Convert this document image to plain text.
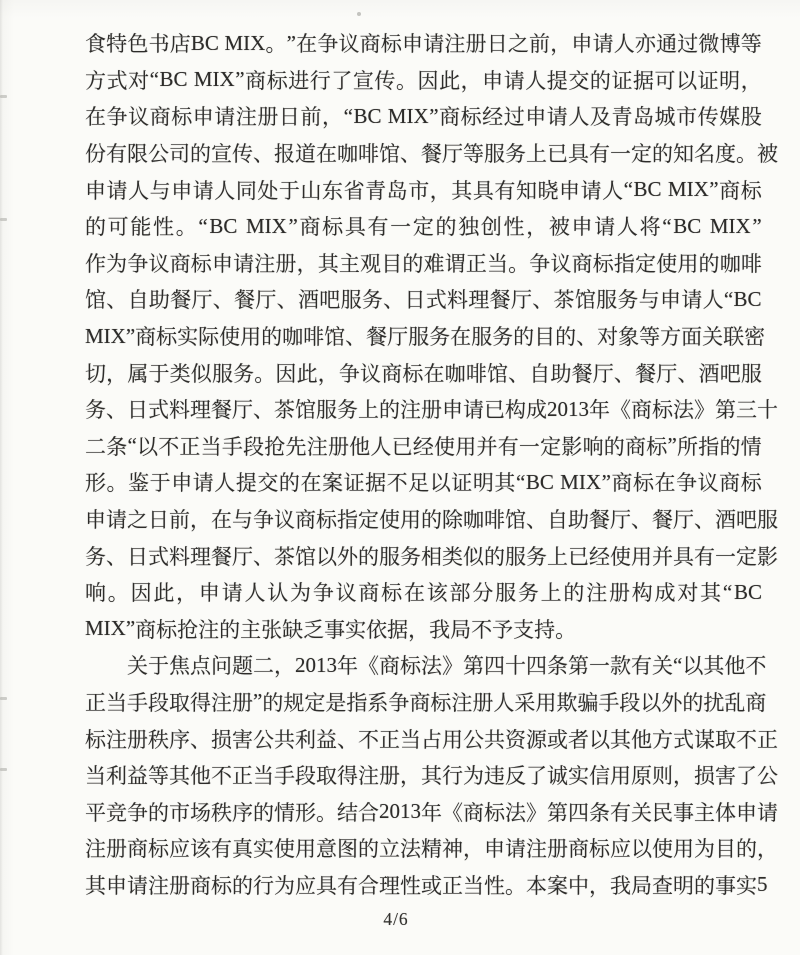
食 特 色 书 店 BC
MIX 。 ” 在 争 议 商 标 申 请 注 册 日 之 前 ， 申 请 人 亦 通 过 微 博 等
方 式 对 “ BC
MIX ” 商 标 进 行 了 宣 传 。 因 此 ， 申 请 人 提 交 的 证 据 可 以 证 明 ，
在 争 议 商 标 申 请 注 册 日 前 ， “ BC
MIX ” 商 标 经 过 申 请 人 及 青 岛 城 市 传 媒 股
份 有 限 公 司 的 宣 传 、 报 道 在 咖 啡 馆 、 餐 厅 等 服 务 上 已 具 有 一 定 的 知 名 度 。 被
申 请 人 与 申 请 人 同 处 于 山 东 省 青 岛 市 ， 其 具 有 知 晓 申 请 人 “ BC
MIX ” 商 标
的 可 能 性 。 “ BC
MIX ” 商 标 具 有 一 定 的 独 创 性 ， 被 申 请 人 将 “ BC
MIX ”
作 为 争 议 商 标 申 请 注 册 ， 其 主 观 目 的 难 谓 正 当 。 争 议 商 标 指 定 使 用 的 咖 啡
馆 、 自 助 餐 厅 、 餐 厅 、 酒 吧 服 务 、 日 式 料 理 餐 厅 、 茶 馆 服 务 与 申 请 人 “ BC
MIX ” 商 标 实 际 使 用 的 咖 啡 馆 、 餐 厅 服 务 在 服 务 的 目 的 、 对 象 等 方 面 关 联 密
切 ， 属 于 类 似 服 务 。 因 此 ， 争 议 商 标 在 咖 啡 馆 、 自 助 餐 厅 、 餐 厅 、 酒 吧 服
务 、 日 式 料 理 餐 厅 、 茶 馆 服 务 上 的 注 册 申 请 已 构 成 2013 年 《 商 标 法 》 第 三 十
二 条 “ 以 不 正 当 手 段 抢 先 注 册 他 人 已 经 使 用 并 有 一 定 影 响 的 商 标 ” 所 指 的 情
形 。 鉴 于 申 请 人 提 交 的 在 案 证 据 不 足 以 证 明 其 “ BC
MIX ” 商 标 在 争 议 商 标
申 请 之 日 前 ， 在 与 争 议 商 标 指 定 使 用 的 除 咖 啡 馆 、 自 助 餐 厅 、 餐 厅 、 酒 吧 服
务 、 日 式 料 理 餐 厅 、 茶 馆 以 外 的 服 务 相 类 似 的 服 务 上 已 经 使 用 并 具 有 一 定 影
响 。 因 此 ， 申 请 人 认 为 争 议 商 标 在 该 部 分 服 务 上 的 注 册 构 成 对 其 “ BC
MIX ” 商 标 抢 注 的 主 张 缺 乏 事 实 依 据 ， 我 局 不 予 支 持 。
关 于 焦 点 问 题 二 ， 2013 年 《 商 标 法 》 第 四 十 四 条 第 一 款 有 关 “ 以 其 他 不
正 当 手 段 取 得 注 册 ” 的 规 定 是 指 系 争 商 标 注 册 人 采 用 欺 骗 手 段 以 外 的 扰 乱 商
标 注 册 秩 序 、 损 害 公 共 利 益 、 不 正 当 占 用 公 共 资 源 或 者 以 其 他 方 式 谋 取 不 正
当 利 益 等 其 他 不 正 当 手 段 取 得 注 册 ， 其 行 为 违 反 了 诚 实 信 用 原 则 ， 损 害 了 公
平 竞 争 的 市 场 秩 序 的 情 形 。 结 合 2013 年 《 商 标 法 》 第 四 条 有 关 民 事 主 体 申 请
注 册 商 标 应 该 有 真 实 使 用 意 图 的 立 法 精 神 ， 申 请 注 册 商 标 应 以 使 用 为 目 的 ，
其 申 请 注 册 商 标 的 行 为 应 具 有 合 理 性 或 正 当 性 。 本 案 中 ， 我 局 查 明 的 事 实 5
4/6
